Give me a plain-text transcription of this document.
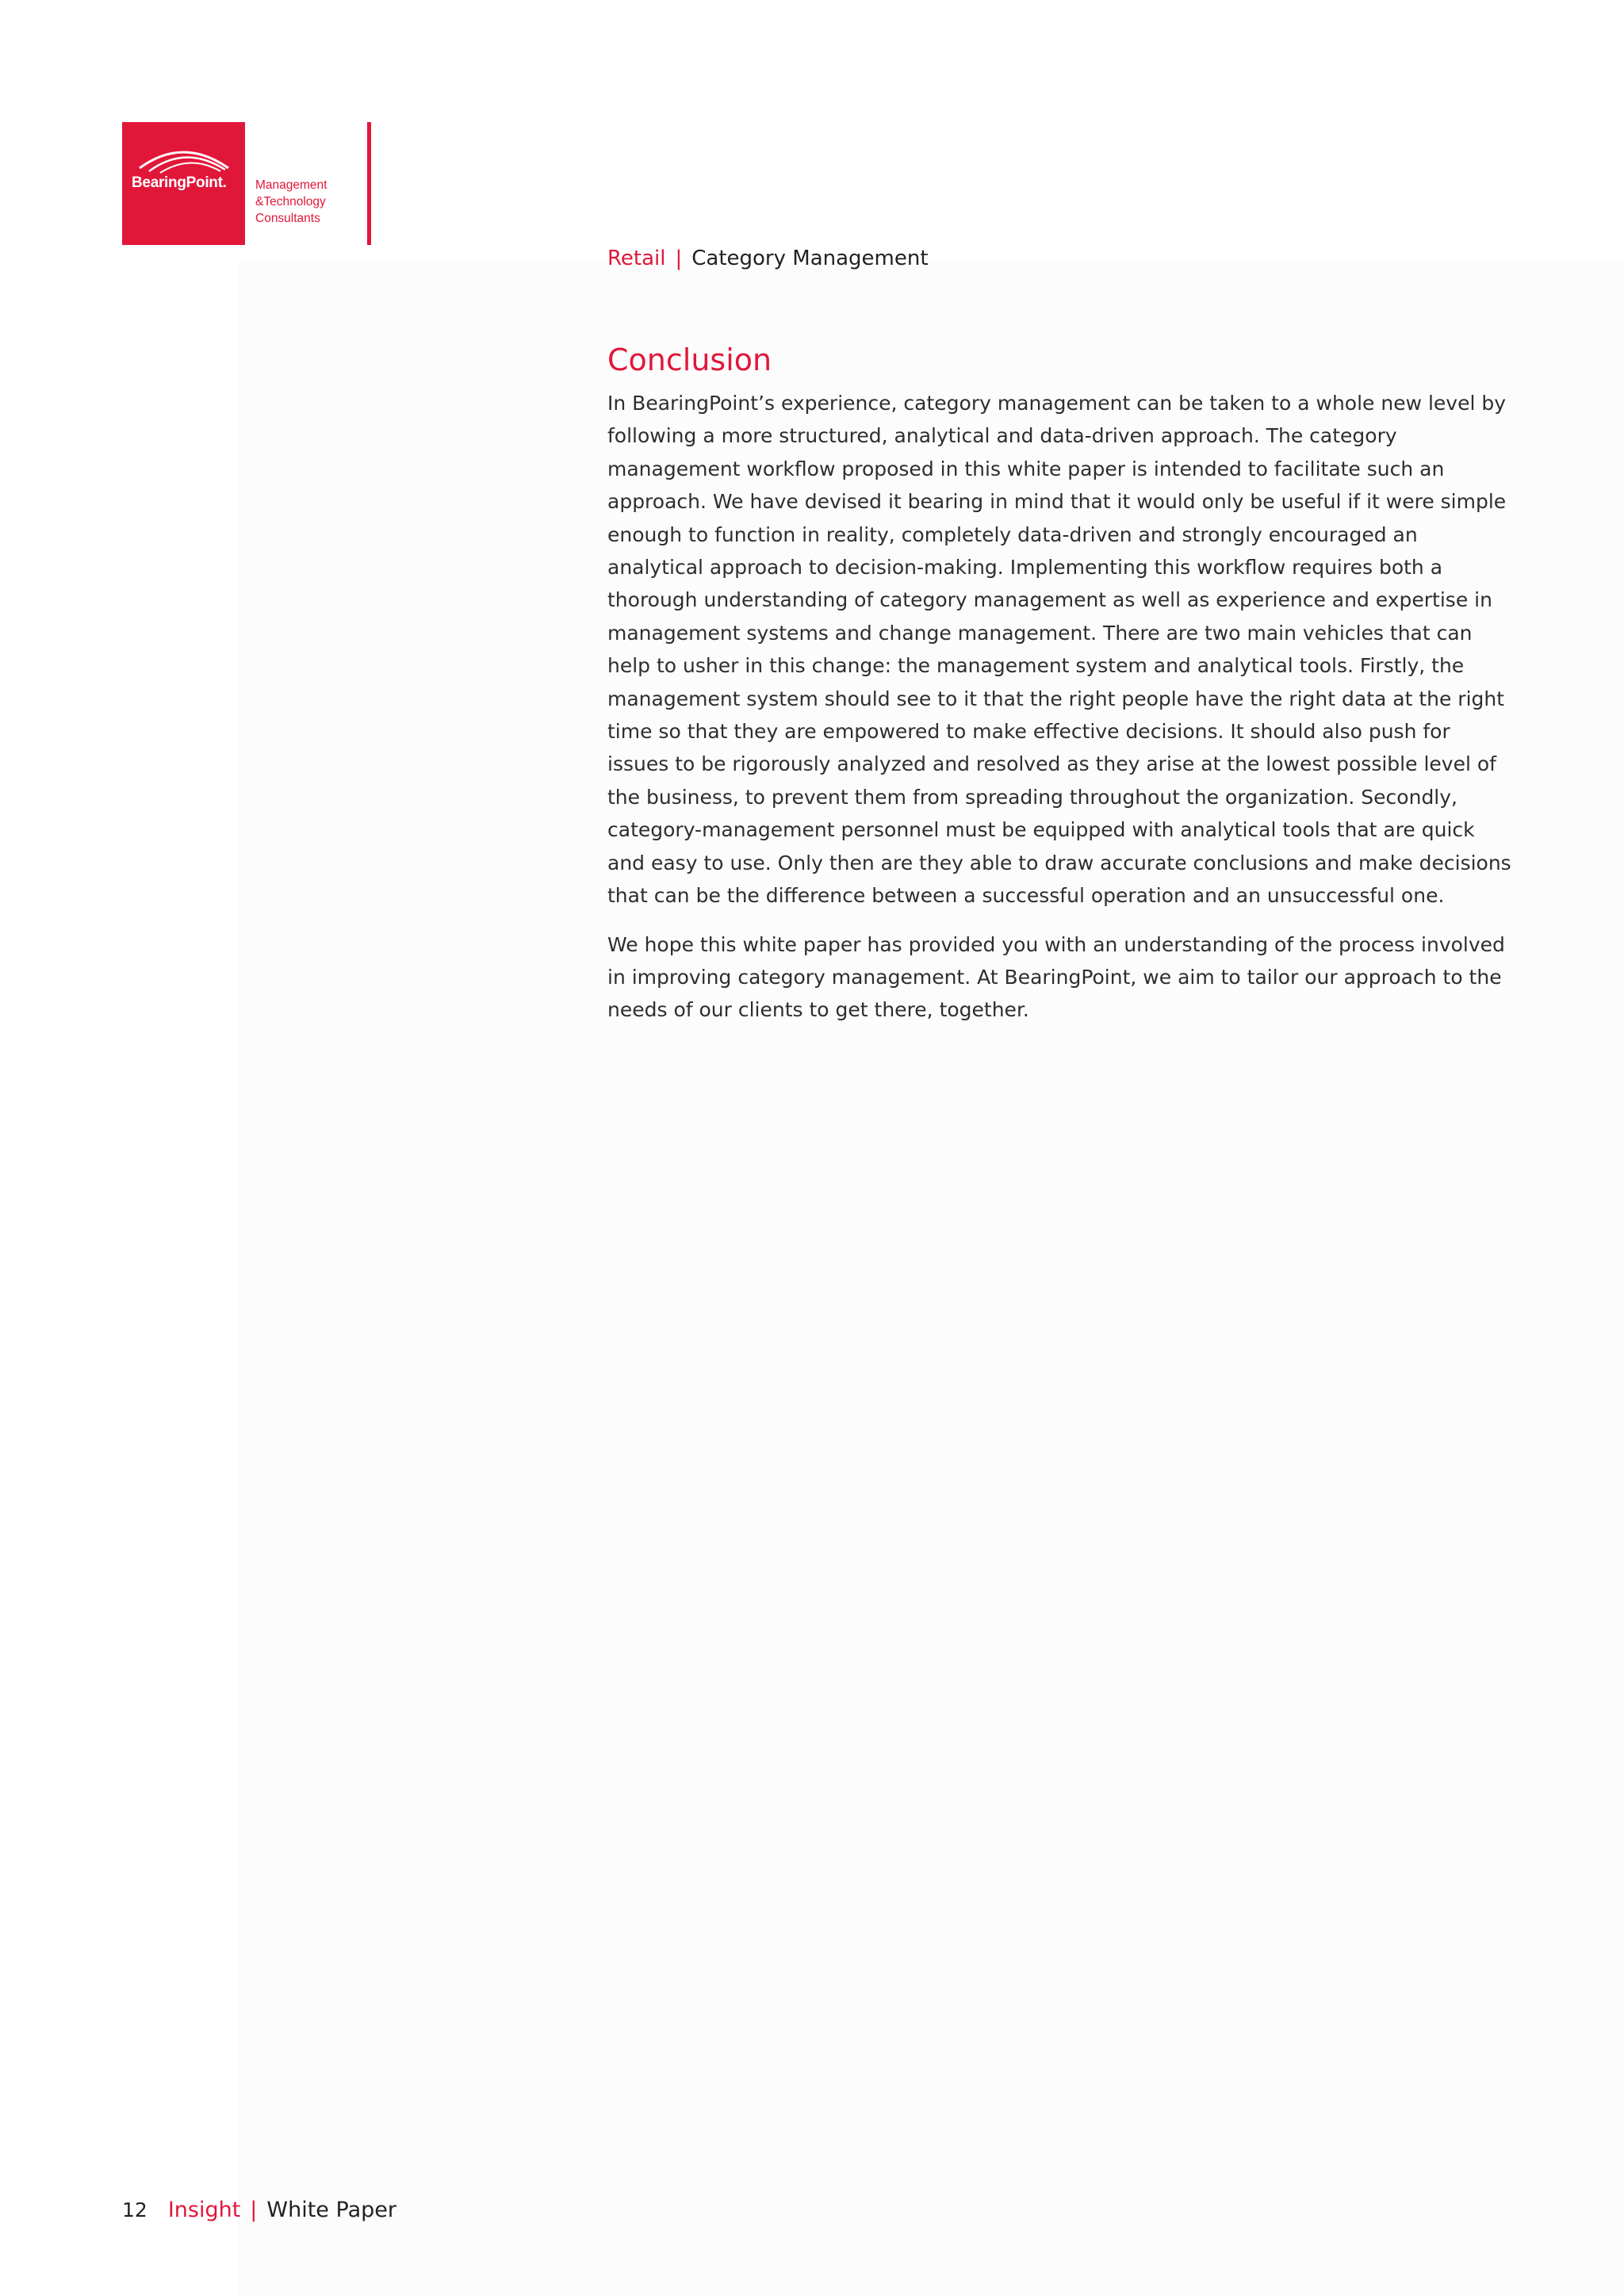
BearingPoint. Management
&Technology
Consultants
Retail | Category Management
Conclusion

In BearingPoint’s experience, category management can be taken to a whole new level by following a more structured, analytical and data-driven approach. The category management workflow proposed in this white paper is intended to facilitate such an approach. We have devised it bearing in mind that it would only be useful if it were simple enough to function in reality, completely data-driven and strongly encouraged an analytical approach to decision-making. Implementing this workflow requires both a thorough understanding of category management as well as experience and expertise in management systems and change management. There are two main vehicles that can help to usher in this change: the management system and analytical tools. Firstly, the management system should see to it that the right people have the right data at the right time so that they are empowered to make effective decisions. It should also push for issues to be rigorously analyzed and resolved as they arise at the lowest possible level of the business, to prevent them from spreading throughout the organization. Secondly, category-management personnel must be equipped with analytical tools that are quick and easy to use. Only then are they able to draw accurate conclusions and make decisions that can be the difference between a successful operation and an unsuccessful one.

We hope this white paper has provided you with an understanding of the process involved in improving category management. At BearingPoint, we aim to tailor our approach to the needs of our clients to get there, together.

12 Insight | White Paper
